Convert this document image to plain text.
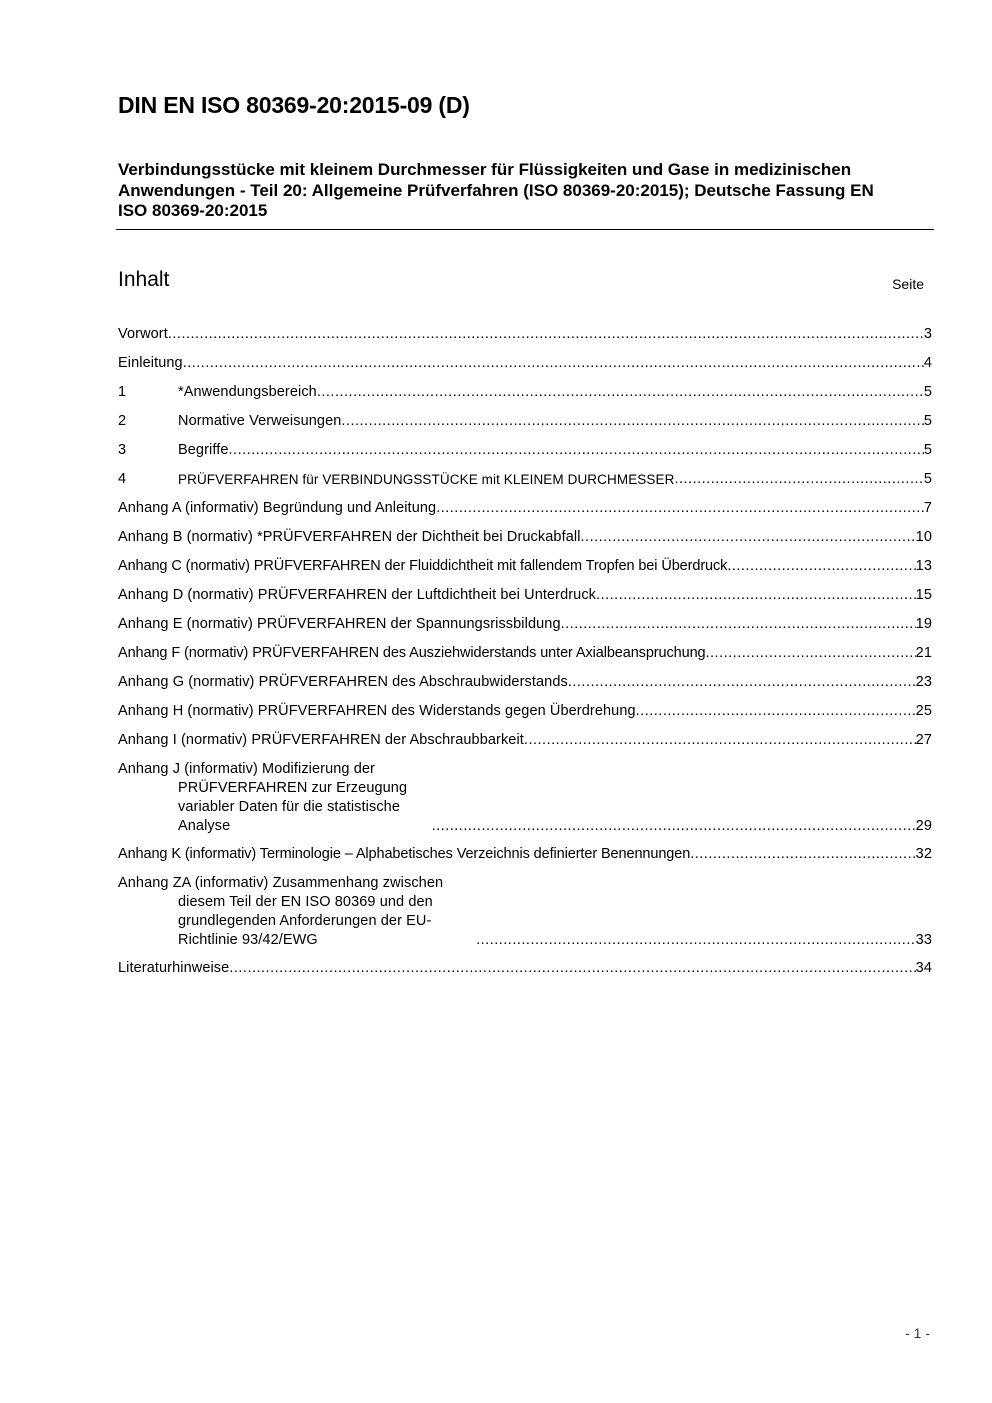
DIN EN ISO 80369-20:2015-09 (D)
Verbindungsstücke mit kleinem Durchmesser für Flüssigkeiten und Gase in medizinischen Anwendungen - Teil 20: Allgemeine Prüfverfahren (ISO 80369-20:2015); Deutsche Fassung EN ISO 80369-20:2015
Inhalt	Seite
Vorwort .....	3
Einleitung .....	4
1	*Anwendungsbereich .....	5
2	Normative Verweisungen .....	5
3	Begriffe .....	5
4	PRÜFVERFAHREN für VERBINDUNGSSTÜCKE mit KLEINEM DURCHMESSER .....	5
Anhang A (informativ) Begründung und Anleitung .....	7
Anhang B (normativ) *PRÜFVERFAHREN der Dichtheit bei Druckabfall .....	10
Anhang C (normativ) PRÜFVERFAHREN der Fluiddichtheit mit fallendem Tropfen bei Überdruck .....	13
Anhang D (normativ) PRÜFVERFAHREN der Luftdichtheit bei Unterdruck .....	15
Anhang E (normativ) PRÜFVERFAHREN der Spannungsrissbildung .....	19
Anhang F (normativ) PRÜFVERFAHREN des Ausziehwiderstands unter Axialbeanspruchung .....	21
Anhang G (normativ) PRÜFVERFAHREN des Abschraubwiderstands .....	23
Anhang H (normativ) PRÜFVERFAHREN des Widerstands gegen Überdrehung .....	25
Anhang I (normativ) PRÜFVERFAHREN der Abschraubbarkeit .....	27
Anhang J (informativ) Modifizierung der PRÜFVERFAHREN zur Erzeugung variabler Daten für die statistische Analyse .....	29
Anhang K (informativ) Terminologie – Alphabetisches Verzeichnis definierter Benennungen .....	32
Anhang ZA (informativ) Zusammenhang zwischen diesem Teil der EN ISO 80369 und den grundlegenden Anforderungen der EU-Richtlinie 93/42/EWG .....	33
Literaturhinweise .....	34
- 1 -
